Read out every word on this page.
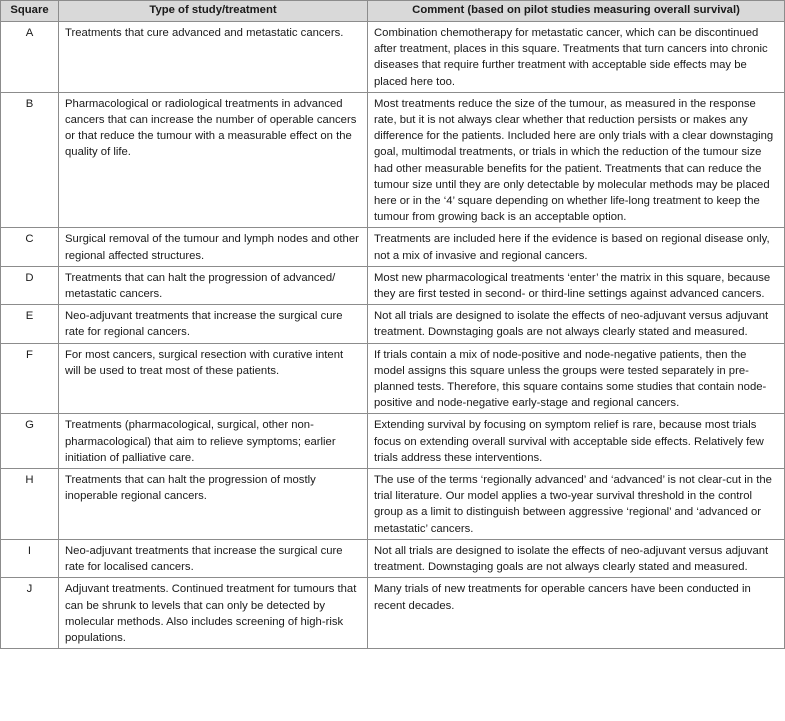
Square	Type of study/treatment	Comment (based on pilot studies measuring overall survival)
A	Treatments that cure advanced and metastatic cancers.	Combination chemotherapy for metastatic cancer, which can be discontinued after treatment, places in this square. Treatments that turn cancers into chronic diseases that require further treatment with acceptable side effects may be placed here too.
B	Pharmacological or radiological treatments in advanced cancers that can increase the number of operable cancers or that reduce the tumour with a measurable effect on the quality of life.	Most treatments reduce the size of the tumour, as measured in the response rate, but it is not always clear whether that reduction persists or makes any difference for the patients. Included here are only trials with a clear downstaging goal, multimodal treatments, or trials in which the reduction of the tumour size had other measurable benefits for the patient. Treatments that can reduce the tumour size until they are only detectable by molecular methods may be placed here or in the ‘4’ square depending on whether life-long treatment to keep the tumour from growing back is an acceptable option.
C	Surgical removal of the tumour and lymph nodes and other regional affected structures.	Treatments are included here if the evidence is based on regional disease only, not a mix of invasive and regional cancers.
D	Treatments that can halt the progression of advanced/ metastatic cancers.	Most new pharmacological treatments ‘enter’ the matrix in this square, because they are first tested in second- or third-line settings against advanced cancers.
E	Neo-adjuvant treatments that increase the surgical cure rate for regional cancers.	Not all trials are designed to isolate the effects of neo-adjuvant versus adjuvant treatment. Downstaging goals are not always clearly stated and measured.
F	For most cancers, surgical resection with curative intent will be used to treat most of these patients.	If trials contain a mix of node-positive and node-negative patients, then the model assigns this square unless the groups were tested separately in pre-planned tests. Therefore, this square contains some studies that contain node-positive and node-negative early-stage and regional cancers.
G	Treatments (pharmacological, surgical, other non-pharmacological) that aim to relieve symptoms; earlier initiation of palliative care.	Extending survival by focusing on symptom relief is rare, because most trials focus on extending overall survival with acceptable side effects. Relatively few trials address these interventions.
H	Treatments that can halt the progression of mostly inoperable regional cancers.	The use of the terms ‘regionally advanced’ and ‘advanced’ is not clear-cut in the trial literature. Our model applies a two-year survival threshold in the control group as a limit to distinguish between aggressive ‘regional’ and ‘advanced or metastatic’ cancers.
I	Neo-adjuvant treatments that increase the surgical cure rate for localised cancers.	Not all trials are designed to isolate the effects of neo-adjuvant versus adjuvant treatment. Downstaging goals are not always clearly stated and measured.
J	Adjuvant treatments. Continued treatment for tumours that can be shrunk to levels that can only be detected by molecular methods. Also includes screening of high-risk populations.	Many trials of new treatments for operable cancers have been conducted in recent decades.
